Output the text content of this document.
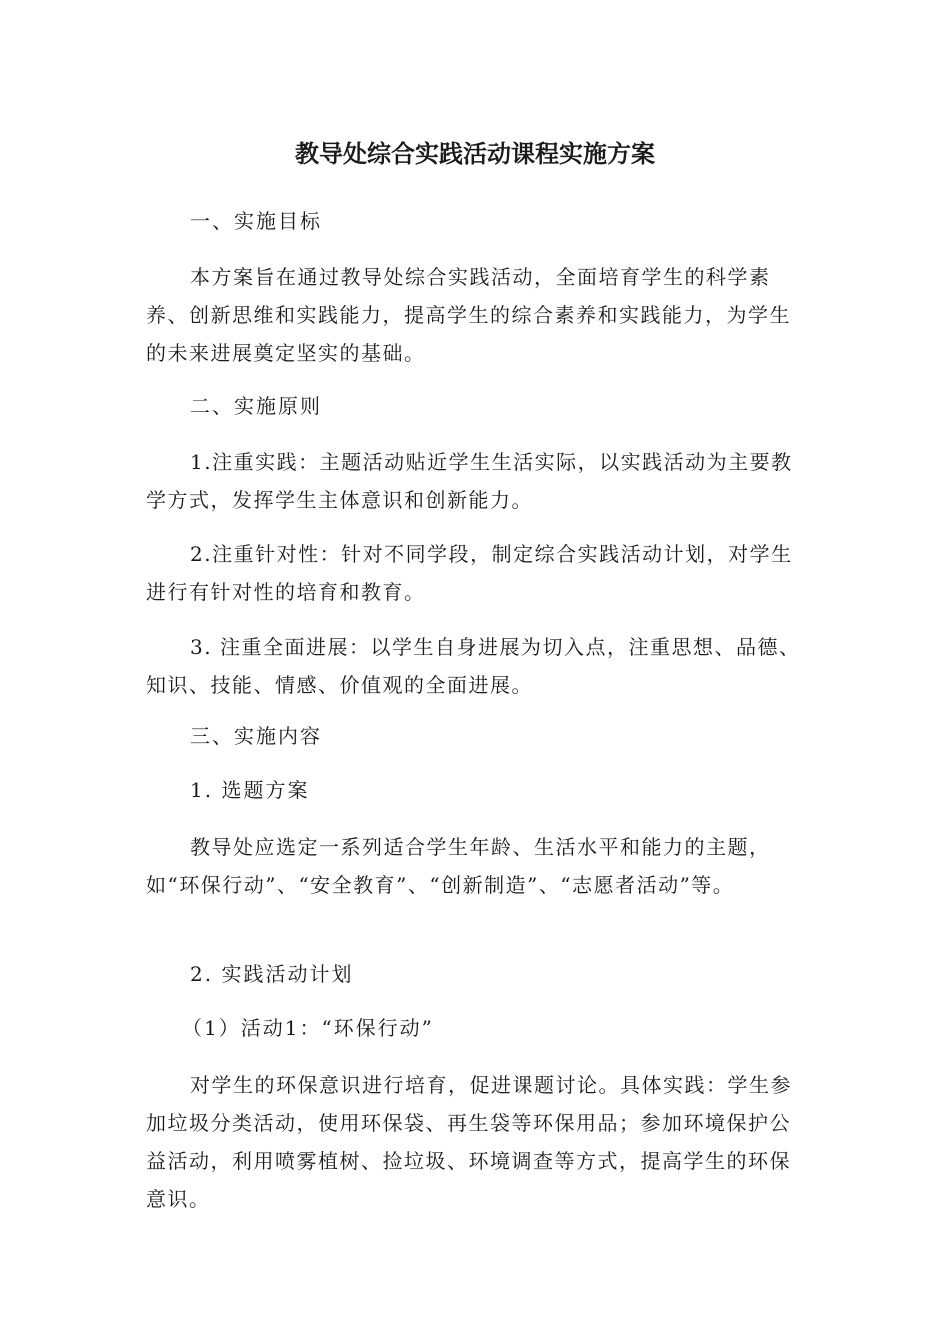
教导处综合实践活动课程实施方案

一、实施目标

本方案旨在通过教导处综合实践活动，全面培育学生的科学素养、创新思维和实践能力，提高学生的综合素养和实践能力，为学生的未来进展奠定坚实的基础。

二、实施原则

1.注重实践：主题活动贴近学生生活实际，以实践活动为主要教学方式，发挥学生主体意识和创新能力。

2.注重针对性：针对不同学段，制定综合实践活动计划，对学生进行有针对性的培育和教育。

3. 注重全面进展：以学生自身进展为切入点，注重思想、品德、知识、技能、情感、价值观的全面进展。

三、实施内容

1. 选题方案

教导处应选定一系列适合学生年龄、生活水平和能力的主题，如“环保行动”、“安全教育”、“创新制造”、“志愿者活动”等。

2. 实践活动计划

（1）活动1：“环保行动”

对学生的环保意识进行培育，促进课题讨论。具体实践：学生参加垃圾分类活动，使用环保袋、再生袋等环保用品；参加环境保护公益活动，利用喷雾植树、捡垃圾、环境调查等方式，提高学生的环保意识。
